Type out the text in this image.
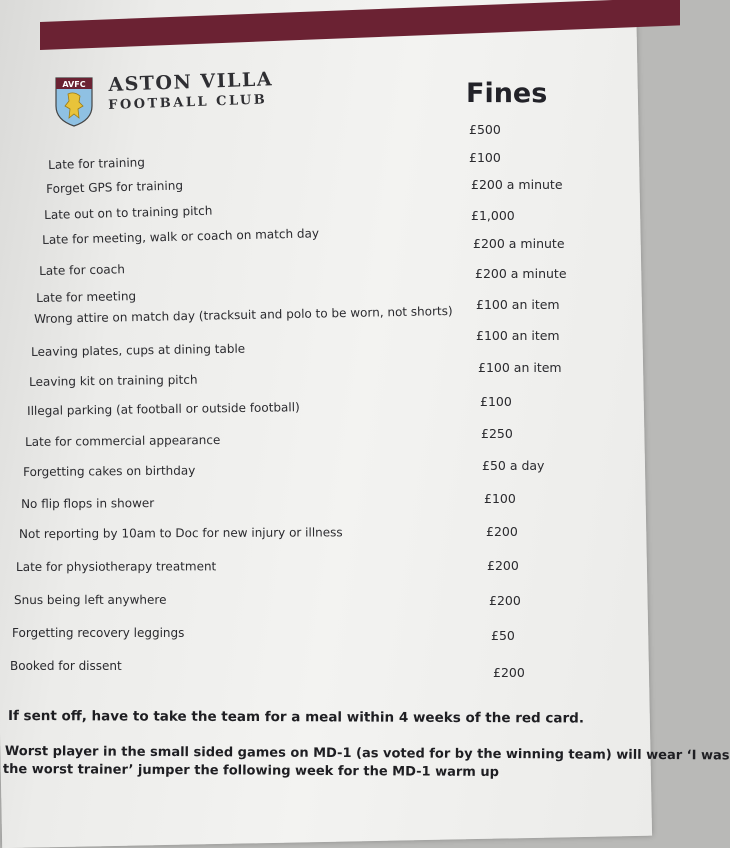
AVFC ASTON VILLA
FOOTBALL CLUB	Fines
Late for training
Forget GPS for training
Late out on to training pitch
Late for meeting, walk or coach on match day
Late for coach
Late for meeting
Wrong attire on match day (tracksuit and polo to be worn, not shorts)
Leaving plates, cups at dining table
Leaving kit on training pitch
Illegal parking (at football or outside football)
Late for commercial appearance
Forgetting cakes on birthday
No flip flops in shower
Not reporting by 10am to Doc for new injury or illness
Late for physiotherapy treatment
Snus being left anywhere
Forgetting recovery leggings
Booked for dissent
£500
£100
£200 a minute
£1,000
£200 a minute
£200 a minute
£100 an item
£100 an item
£100 an item
£100
£250
£50 a day
£100
£200
£200
£200
£50
£200
If sent off, have to take the team for a meal within 4 weeks of the red card.
Worst player in the small sided games on MD-1 (as voted for by the winning team) will wear ‘I was
the worst trainer’ jumper the following week for the MD-1 warm up
